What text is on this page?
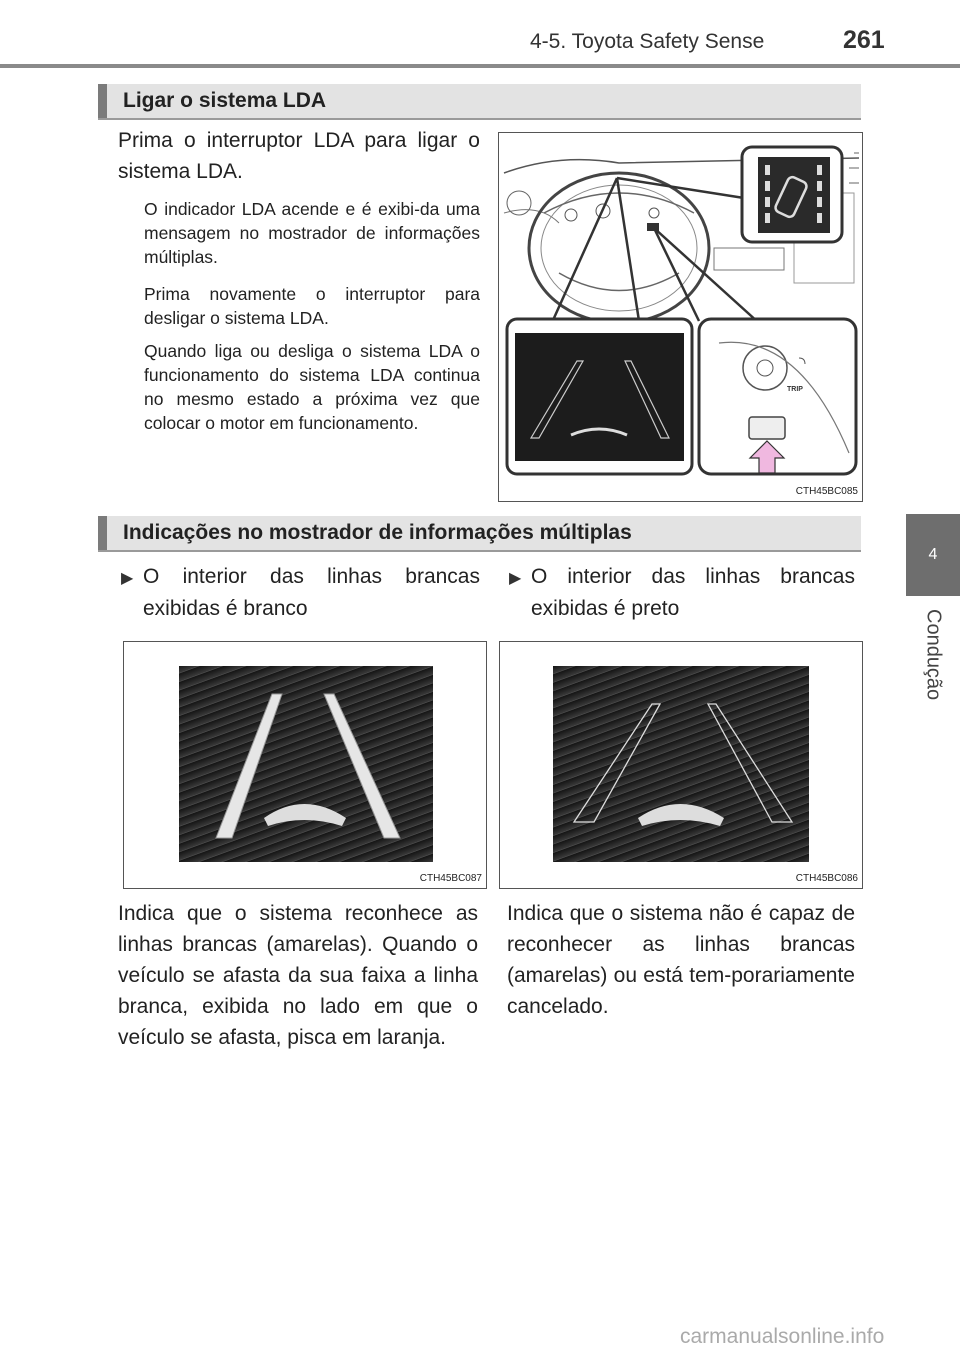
4-5. Toyota Safety Sense	261
4
Condução
Ligar o sistema LDA
Prima o interruptor LDA para ligar o sistema LDA.
O indicador LDA acende e é exibi-da uma mensagem no mostrador de informações múltiplas.
Prima novamente o interruptor para desligar o sistema LDA.
Quando liga ou desliga o sistema LDA o funcionamento do sistema LDA continua no mesmo estado a próxima vez que colocar o motor em funcionamento.
TRIP
CTH45BC085
Indicações no mostrador de informações múltiplas
▶ O interior das linhas brancas exibidas é branco
▶ O interior das linhas brancas exibidas é preto
CTH45BC087	CTH45BC086
Indica que o sistema reconhece as linhas brancas (amarelas). Quando o veículo se afasta da sua faixa a linha branca, exibida no lado em que o veículo se afasta, pisca em laranja.
Indica que o sistema não é capaz de reconhecer as linhas brancas (amarelas) ou está tem-porariamente cancelado.
carmanualsonline.info
